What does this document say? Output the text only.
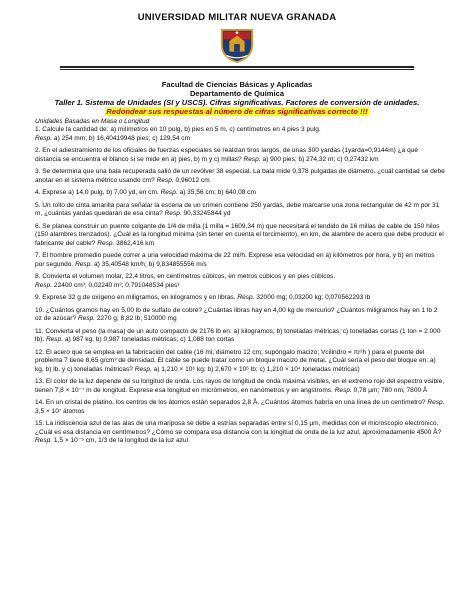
UNIVERSIDAD MILITAR NUEVA GRANADA
Facultad de Ciencias Básicas y Aplicadas
Departamento de Química
Taller 1. Sistema de Unidades (SI y USCS). Cifras significativas. Factores de conversión de unidades.
Redondear sus respuestas al número de cifras significativas correcto !!!
Unidades Basadas en Masa o Longitud

1. Calcule la cantidad de: a) milímetros en 10 pulg, b) pies en 5 m, c) centímetros en 4 pies 3 pulg.
Resp. a) 254 mm; b) 16,40419948 pies; c) 129,54 cm

2. En el adiestramiento de los oficiales de fuerzas especiales se realizan tiros largos, de unas 300 yardas (1yarda=0,9144m) ¿a qué distancia se encuentra el blanco si se mide en a) pies, b) m y c) millas? Resp. a) 900 pies; b) 274,32 m; c) 0,27432 km

3. Se determina que una bala recuperada salió de un revólver 38 especial. La bala mide 0,378 pulgadas de diámetro, ¿cuál cantidad se debe anotar en el sistema métrico usando cm? Resp. 0,96012 cm

4. Exprese a) 14,0 pulg, b) 7,00 yd, en cm. Resp. a) 35,56 cm; b) 640,08 cm

5. Un rollo de cinta amarilla para señalar la escena de un crimen contiene 250 yardas, debe marcarse una zona rectangular de 42 m por 31 m, ¿cuántas yardas quedarán de esa cinta? Resp. 90,33245844 yd

6. Se planea construir un puente colgante de 1/4 de milla (1 milla = 1609,34 m) que necesitará el tendido de 16 millas de cable de 150 hilos (150 alambres trenzados). ¿Cuál es la longitud mínima (sin tener en cuenta el torcimiento), en km, de alambre de acero que debe producir el fabricante del cable? Resp. 3862,416 km

7. El hombre promedio puede correr a una velocidad máxima de 22 mi/h. Exprese esa velocidad en a) kilómetros por hora, y b) en metros por segundo. Resp. a) 35,40548 km/h; b) 9,834855556 m/s

8. Convierta el volumen molar, 22,4 litros, en centímetros cúbicos, en metros cúbicos y en pies cúbicos.
Resp. 22400 cm³; 0,02240 m³; 0,791048534 pies³

9. Exprese 32 g de oxígeno en miligramos, en kilogramos y en libras. Resp. 32000 mg; 0,03200 kg; 0,070562293 lb

10. ¿Cuántos gramos hay en 5,00 lb de sulfato de cobre? ¿Cuántas libras hay en 4,00 kg de mercurio? ¿Cuántos miligramos hay en 1 lb 2 oz de azúcar? Resp. 2270 g; 8,82 lb; 510000 mg

11. Convierta el peso (la masa) de un auto compacto de 2176 lb en: a) kilogramos; b) toneladas métricas; c) toneladas cortas (1 ton = 2 000 lb). Resp. a) 987 kg; b) 0,987 toneladas métricas; c) 1,088 ton cortas

12. El acero que se emplea en la fabricación del cable (16 mi, diámetro 12 cm; supóngalo macizo; Vcilindro = πr²h ) para el puente del problema 7 tiene 8,65 g/cm³ de densidad. El cable se puede tratar como un bloque macizo de metal. ¿Cuál sería el peso del bloque en: a) kg, b) lb, y c) toneladas métricas? Resp. a) 1,210 × 10⁶ kg; b) 2,670 × 10⁶ lb; c) 1,210 × 10⁴ toneladas métricas)

13. El color de la luz depende de su longitud de onda. Los rayos de longitud de onda máxima visibles, en el extremo rojo del espectro visible, tienen 7,8 × 10⁻⁷ m de longitud. Exprese esa longitud en micrómetros, en nanómetros y en angstroms. Resp. 0,78 µm; 780 nm; 7800 Å

14. En un cristal de platino, los centros de los átomos están separados 2,8 Å. ¿Cuántos átomos habría en una línea de un centímetro? Resp. 3,5 × 10⁷ átomos

15. La iridiscencia azul de las alas de una mariposa se debe a estrías separadas entre sí 0,15 µm, medidas con el microscopio electrónico. ¿Cuál es esa distancia en centímetros? ¿Cómo se compara esa distancia con la longitud de onda de la luz azul, aproximadamente 4500 Å? Resp. 1,5 × 10⁻⁵ cm, 1/3 de la longitud de la luz azul
